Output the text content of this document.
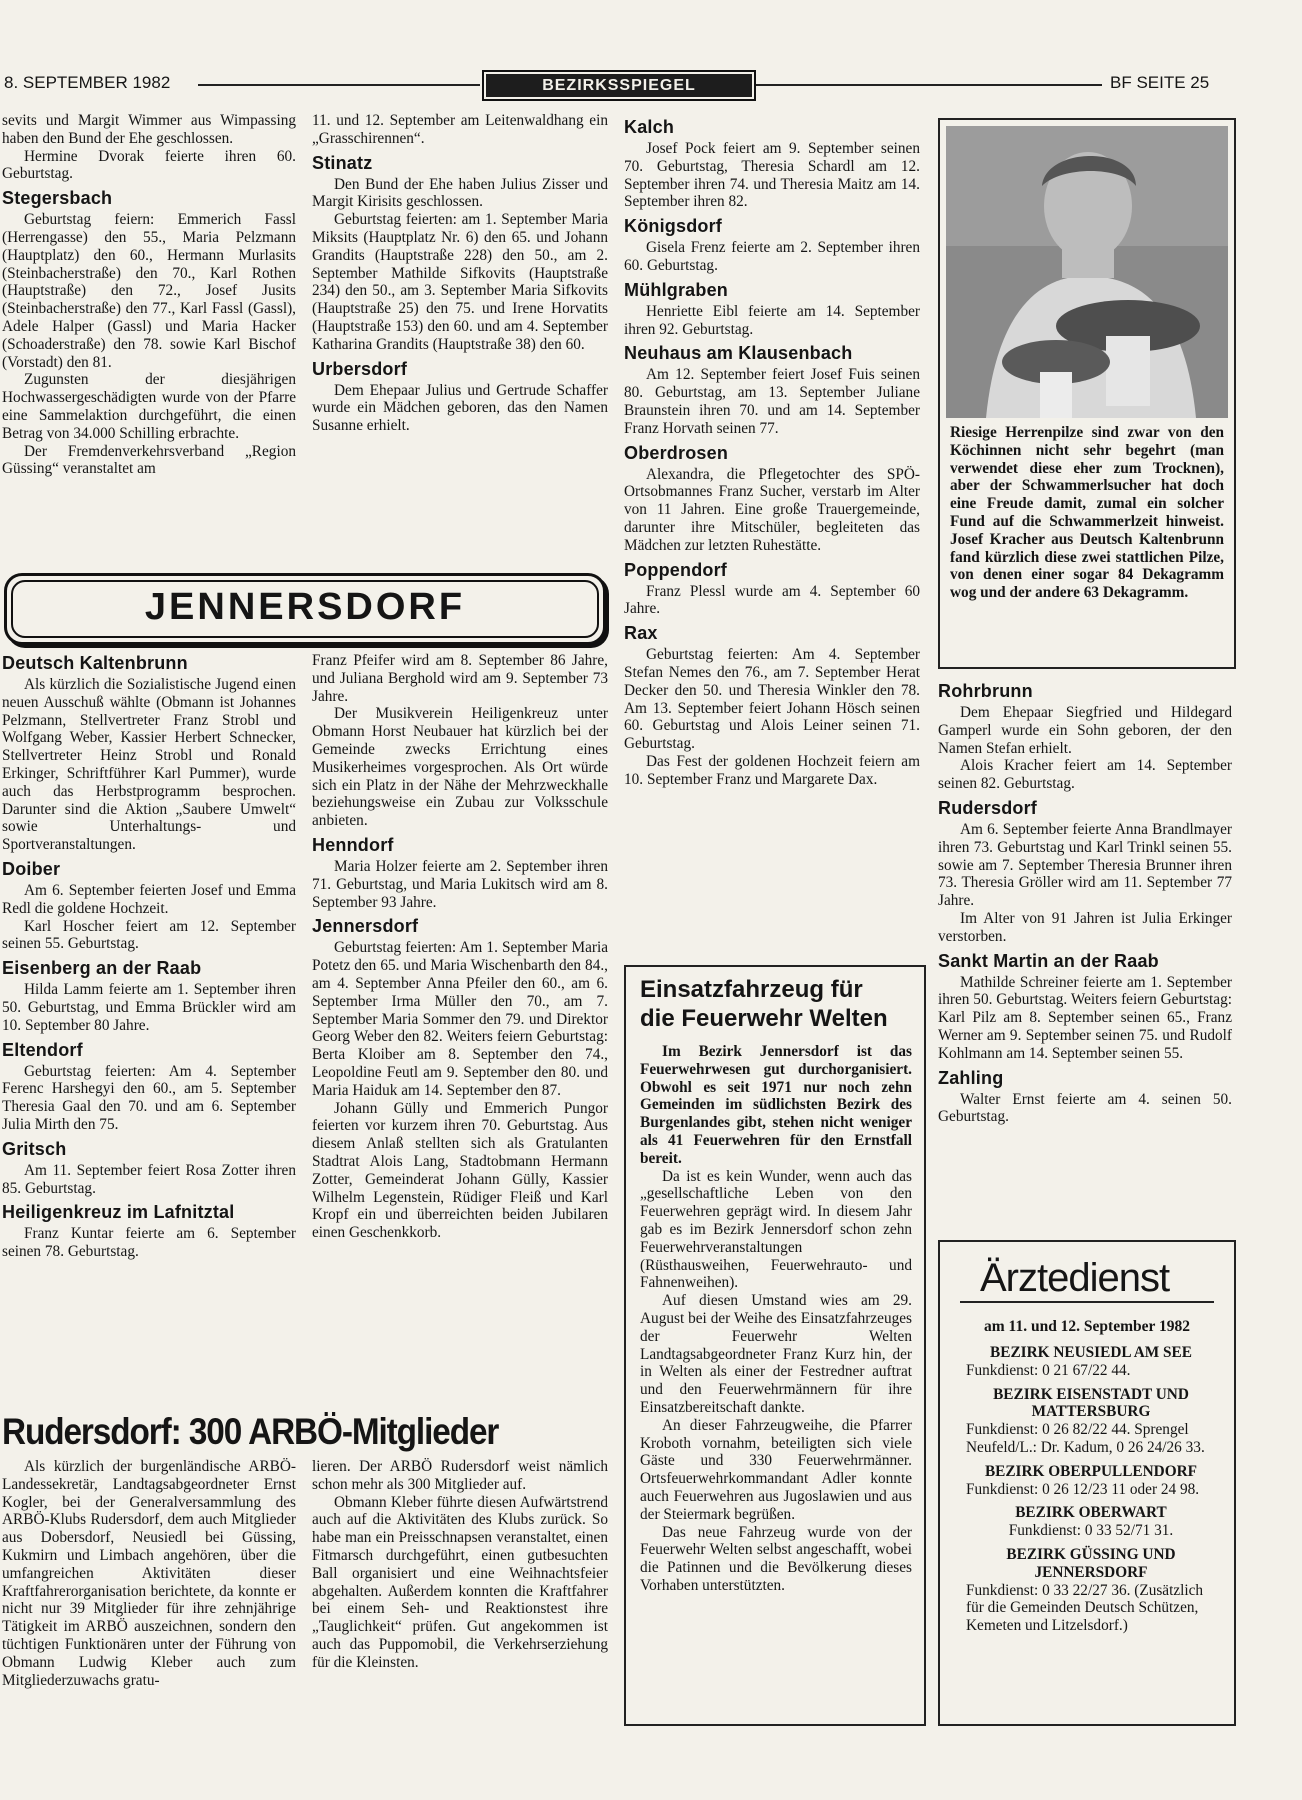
8. SEPTEMBER 1982	BEZIRKSSPIEGEL	BF SEITE 25

sevits und Margit Wimmer aus Wimpassing haben den Bund der Ehe geschlossen.

Hermine Dvorak feierte ihren 60. Geburtstag.

Stegersbach

Geburtstag feiern: Emmerich Fassl (Herrengasse) den 55., Maria Pelzmann (Hauptplatz) den 60., Hermann Murlasits (Steinbacherstraße) den 70., Karl Rothen (Hauptstraße) den 72., Josef Jusits (Steinbacherstraße) den 77., Karl Fassl (Gassl), Adele Halper (Gassl) und Maria Hacker (Schoaderstraße) den 78. sowie Karl Bischof (Vorstadt) den 81.

Zugunsten der diesjährigen Hochwassergeschädigten wurde von der Pfarre eine Sammelaktion durchgeführt, die einen Betrag von 34.000 Schilling erbrachte.

Der Fremdenverkehrsverband „Region Güssing“ veranstaltet am

11. und 12. September am Leitenwaldhang ein „Grasschirennen“.

Stinatz

Den Bund der Ehe haben Julius Zisser und Margit Kirisits geschlossen.

Geburtstag feierten: am 1. September Maria Miksits (Hauptplatz Nr. 6) den 65. und Johann Grandits (Hauptstraße 228) den 50., am 2. September Mathilde Sifkovits (Hauptstraße 234) den 50., am 3. September Maria Sifkovits (Hauptstraße 25) den 75. und Irene Horvatits (Hauptstraße 153) den 60. und am 4. September Katharina Grandits (Hauptstraße 38) den 60.

Urbersdorf

Dem Ehepaar Julius und Gertrude Schaffer wurde ein Mädchen geboren, das den Namen Susanne erhielt.

Kalch

Josef Pock feiert am 9. September seinen 70. Geburtstag, Theresia Schardl am 12. September ihren 74. und Theresia Maitz am 14. September ihren 82.

Königsdorf

Gisela Frenz feierte am 2. September ihren 60. Geburtstag.

Mühlgraben

Henriette Eibl feierte am 14. September ihren 92. Geburtstag.

Neuhaus am Klausenbach

Am 12. September feiert Josef Fuis seinen 80. Geburtstag, am 13. September Juliane Braunstein ihren 70. und am 14. September Franz Horvath seinen 77.

Oberdrosen

Alexandra, die Pflegetochter des SPÖ-Ortsobmannes Franz Sucher, verstarb im Alter von 11 Jahren. Eine große Trauergemeinde, darunter ihre Mitschüler, begleiteten das Mädchen zur letzten Ruhestätte.

Poppendorf

Franz Plessl wurde am 4. September 60 Jahre.

Rax

Geburtstag feierten: Am 4. September Stefan Nemes den 76., am 7. September Herat Decker den 50. und Theresia Winkler den 78. Am 13. September feiert Johann Hösch seinen 60. Geburtstag und Alois Leiner seinen 71. Geburtstag.

Das Fest der goldenen Hochzeit feiern am 10. September Franz und Margarete Dax.

Riesige Herrenpilze sind zwar von den Köchinnen nicht sehr begehrt (man verwendet diese eher zum Trocknen), aber der Schwammerlsucher hat doch eine Freude damit, zumal ein solcher Fund auf die Schwammerlzeit hinweist. Josef Kracher aus Deutsch Kaltenbrunn fand kürzlich diese zwei stattlichen Pilze, von denen einer sogar 84 Dekagramm wog und der andere 63 Dekagramm.
Rohrbrunn

Dem Ehepaar Siegfried und Hildegard Gamperl wurde ein Sohn geboren, der den Namen Stefan erhielt.

Alois Kracher feiert am 14. September seinen 82. Geburtstag.

Rudersdorf

Am 6. September feierte Anna Brandlmayer ihren 73. Geburtstag und Karl Trinkl seinen 55. sowie am 7. September Theresia Brunner ihren 73. Theresia Gröller wird am 11. September 77 Jahre.

Im Alter von 91 Jahren ist Julia Erkinger verstorben.

Sankt Martin an der Raab

Mathilde Schreiner feierte am 1. September ihren 50. Geburtstag. Weiters feiern Geburtstag: Karl Pilz am 8. September seinen 65., Franz Werner am 9. September seinen 75. und Rudolf Kohlmann am 14. September seinen 55.

Zahling

Walter Ernst feierte am 4. seinen 50. Geburtstag.

JENNERSDORF
Deutsch Kaltenbrunn

Als kürzlich die Sozialistische Jugend einen neuen Ausschuß wählte (Obmann ist Johannes Pelzmann, Stellvertreter Franz Strobl und Wolfgang Weber, Kassier Herbert Schnecker, Stellvertreter Heinz Strobl und Ronald Erkinger, Schriftführer Karl Pummer), wurde auch das Herbstprogramm besprochen. Darunter sind die Aktion „Saubere Umwelt“ sowie Unterhaltungs- und Sportveranstaltungen.

Doiber

Am 6. September feierten Josef und Emma Redl die goldene Hochzeit.

Karl Hoscher feiert am 12. September seinen 55. Geburtstag.

Eisenberg an der Raab

Hilda Lamm feierte am 1. September ihren 50. Geburtstag, und Emma Brückler wird am 10. September 80 Jahre.

Eltendorf

Geburtstag feierten: Am 4. September Ferenc Harshegyi den 60., am 5. September Theresia Gaal den 70. und am 6. September Julia Mirth den 75.

Gritsch

Am 11. September feiert Rosa Zotter ihren 85. Geburtstag.

Heiligenkreuz im Lafnitztal

Franz Kuntar feierte am 6. September seinen 78. Geburtstag.

Franz Pfeifer wird am 8. September 86 Jahre, und Juliana Berghold wird am 9. September 73 Jahre.

Der Musikverein Heiligenkreuz unter Obmann Horst Neubauer hat kürzlich bei der Gemeinde zwecks Errichtung eines Musikerheimes vorgesprochen. Als Ort würde sich ein Platz in der Nähe der Mehrzweckhalle beziehungsweise ein Zubau zur Volksschule anbieten.

Henndorf

Maria Holzer feierte am 2. September ihren 71. Geburtstag, und Maria Lukitsch wird am 8. September 93 Jahre.

Jennersdorf

Geburtstag feierten: Am 1. September Maria Potetz den 65. und Maria Wischenbarth den 84., am 4. September Anna Pfeiler den 60., am 6. September Irma Müller den 70., am 7. September Maria Sommer den 79. und Direktor Georg Weber den 82. Weiters feiern Geburtstag: Berta Kloiber am 8. September den 74., Leopoldine Feutl am 9. September den 80. und Maria Haiduk am 14. September den 87.

Johann Güllу und Emmerich Pungor feierten vor kurzem ihren 70. Geburtstag. Aus diesem Anlaß stellten sich als Gratulanten Stadtrat Alois Lang, Stadtobmann Hermann Zotter, Gemeinderat Johann Gülly, Kassier Wilhelm Legenstein, Rüdiger Fleiß und Karl Kropf ein und überreichten beiden Jubilaren einen Geschenkkorb.

Einsatzfahrzeug für
die Feuerwehr Welten

Im Bezirk Jennersdorf ist das Feuerwehrwesen gut durchorganisiert. Obwohl es seit 1971 nur noch zehn Gemeinden im südlichsten Bezirk des Burgenlandes gibt, stehen nicht weniger als 41 Feuerwehren für den Ernstfall bereit.

Da ist es kein Wunder, wenn auch das „gesellschaftliche Leben von den Feuerwehren geprägt wird. In diesem Jahr gab es im Bezirk Jennersdorf schon zehn Feuerwehrveranstaltungen (Rüsthausweihen, Feuerwehrauto- und Fahnenweihen).

Auf diesen Umstand wies am 29. August bei der Weihe des Einsatzfahrzeuges der Feuerwehr Welten Landtagsabgeordneter Franz Kurz hin, der in Welten als einer der Festredner auftrat und den Feuerwehrmännern für ihre Einsatzbereitschaft dankte.

An dieser Fahrzeugweihe, die Pfarrer Kroboth vornahm, beteiligten sich viele Gäste und 330 Feuerwehrmänner. Ortsfeuerwehrkommandant Adler konnte auch Feuerwehren aus Jugoslawien und aus der Steiermark begrüßen.

Das neue Fahrzeug wurde von der Feuerwehr Welten selbst angeschafft, wobei die Patinnen und die Bevölkerung dieses Vorhaben unterstützten.

Ärztedienst
am 11. und 12. September 1982
BEZIRK NEUSIEDL AM SEE
Funkdienst: 0 21 67/22 44.
BEZIRK EISENSTADT UND MATTERSBURG
Funkdienst: 0 26 82/22 44. Sprengel Neufeld/L.: Dr. Kadum, 0 26 24/26 33.
BEZIRK OBERPULLENDORF
Funkdienst: 0 26 12/23 11 oder 24 98.
BEZIRK OBERWART
Funkdienst: 0 33 52/71 31.
BEZIRK GÜSSING UND JENNERSDORF
Funkdienst: 0 33 22/27 36. (Zusätzlich für die Gemeinden Deutsch Schützen, Kemeten und Litzelsdorf.)
Rudersdorf: 300 ARBÖ-Mitglieder

Als kürzlich der burgenländische ARBÖ-Landessekretär, Landtagsabgeordneter Ernst Kogler, bei der Generalversammlung des ARBÖ-Klubs Rudersdorf, dem auch Mitglieder aus Dobersdorf, Neusiedl bei Güssing, Kukmirn und Limbach angehören, über die umfangreichen Aktivitäten dieser Kraftfahrerorganisation berichtete, da konnte er nicht nur 39 Mitglieder für ihre zehnjährige Tätigkeit im ARBÖ auszeichnen, sondern den tüchtigen Funktionären unter der Führung von Obmann Ludwig Kleber auch zum Mitgliederzuwachs gratu-

lieren. Der ARBÖ Rudersdorf weist nämlich schon mehr als 300 Mitglieder auf.

Obmann Kleber führte diesen Aufwärtstrend auch auf die Aktivitäten des Klubs zurück. So habe man ein Preisschnapsen veranstaltet, einen Fitmarsch durchgeführt, einen gutbesuchten Ball organisiert und eine Weihnachtsfeier abgehalten. Außerdem konnten die Kraftfahrer bei einem Seh- und Reaktionstest ihre „Tauglichkeit“ prüfen. Gut angekommen ist auch das Puppomobil, die Verkehrserziehung für die Kleinsten.
